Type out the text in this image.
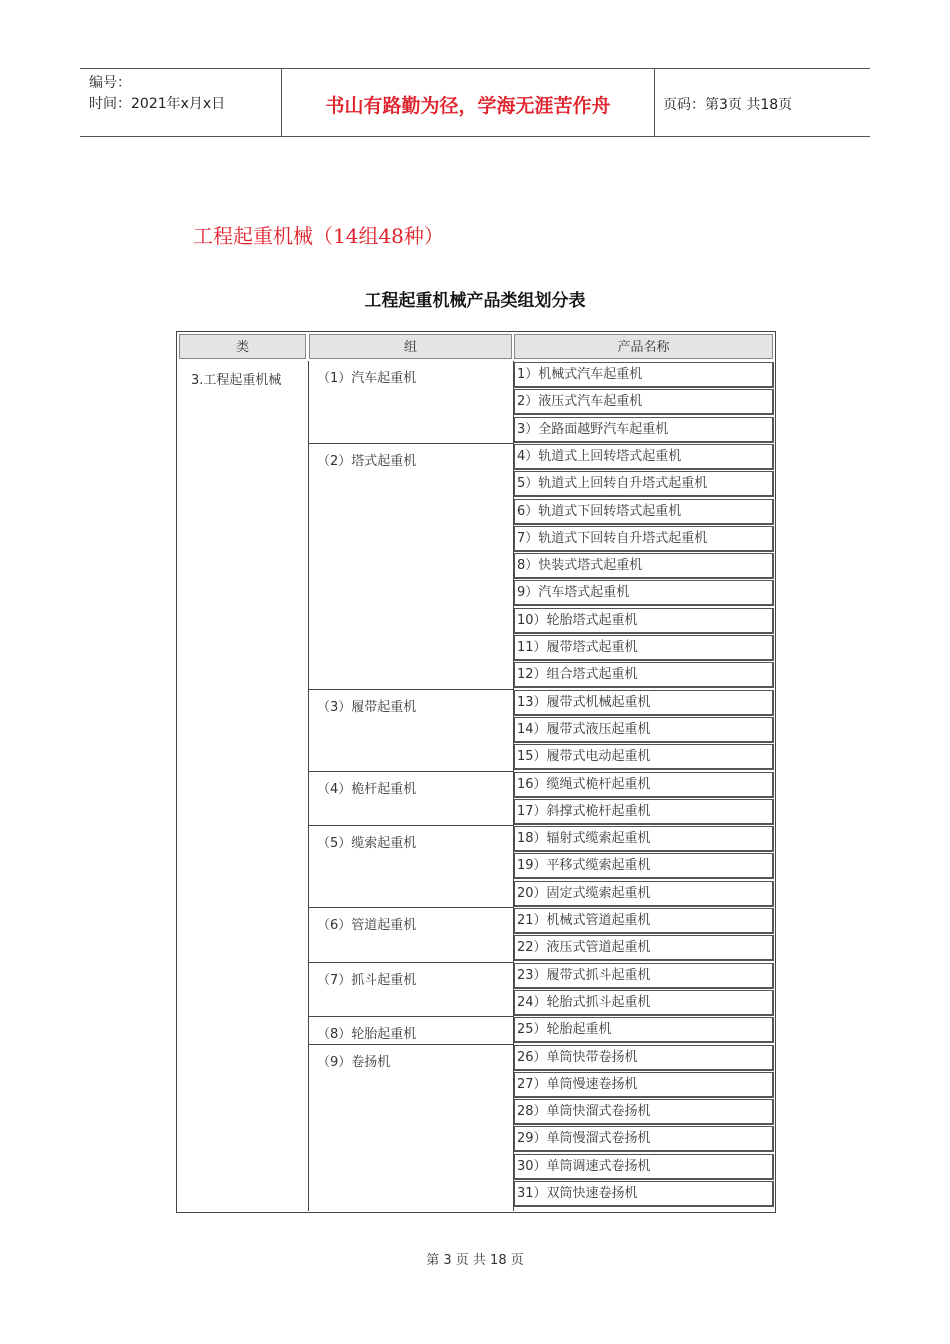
编号：
时间：2021年x月x日	书山有路勤为径，学海无涯苦作舟	页码：第3页 共18页
工程起重机械（14组48种）
工程起重机械产品类组划分表
类	组	产品名称
3.工程起重机械	（1）汽车起重机	1）机械式汽车起重机
2）液压式汽车起重机
3）全路面越野汽车起重机
（2）塔式起重机	4）轨道式上回转塔式起重机
5）轨道式上回转自升塔式起重机
6）轨道式下回转塔式起重机
7）轨道式下回转自升塔式起重机
8）快装式塔式起重机
9）汽车塔式起重机
10）轮胎塔式起重机
11）履带塔式起重机
12）组合塔式起重机
（3）履带起重机	13）履带式机械起重机
14）履带式液压起重机
15）履带式电动起重机
（4）桅杆起重机	16）缆绳式桅杆起重机
17）斜撑式桅杆起重机
（5）缆索起重机	18）辐射式缆索起重机
19）平移式缆索起重机
20）固定式缆索起重机
（6）管道起重机	21）机械式管道起重机
22）液压式管道起重机
（7）抓斗起重机	23）履带式抓斗起重机
24）轮胎式抓斗起重机
（8）轮胎起重机	25）轮胎起重机
（9）卷扬机	26）单筒快带卷扬机
27）单筒慢速卷扬机
28）单筒快溜式卷扬机
29）单筒慢溜式卷扬机
30）单筒调速式卷扬机
31）双筒快速卷扬机
第 3 页 共 18 页
